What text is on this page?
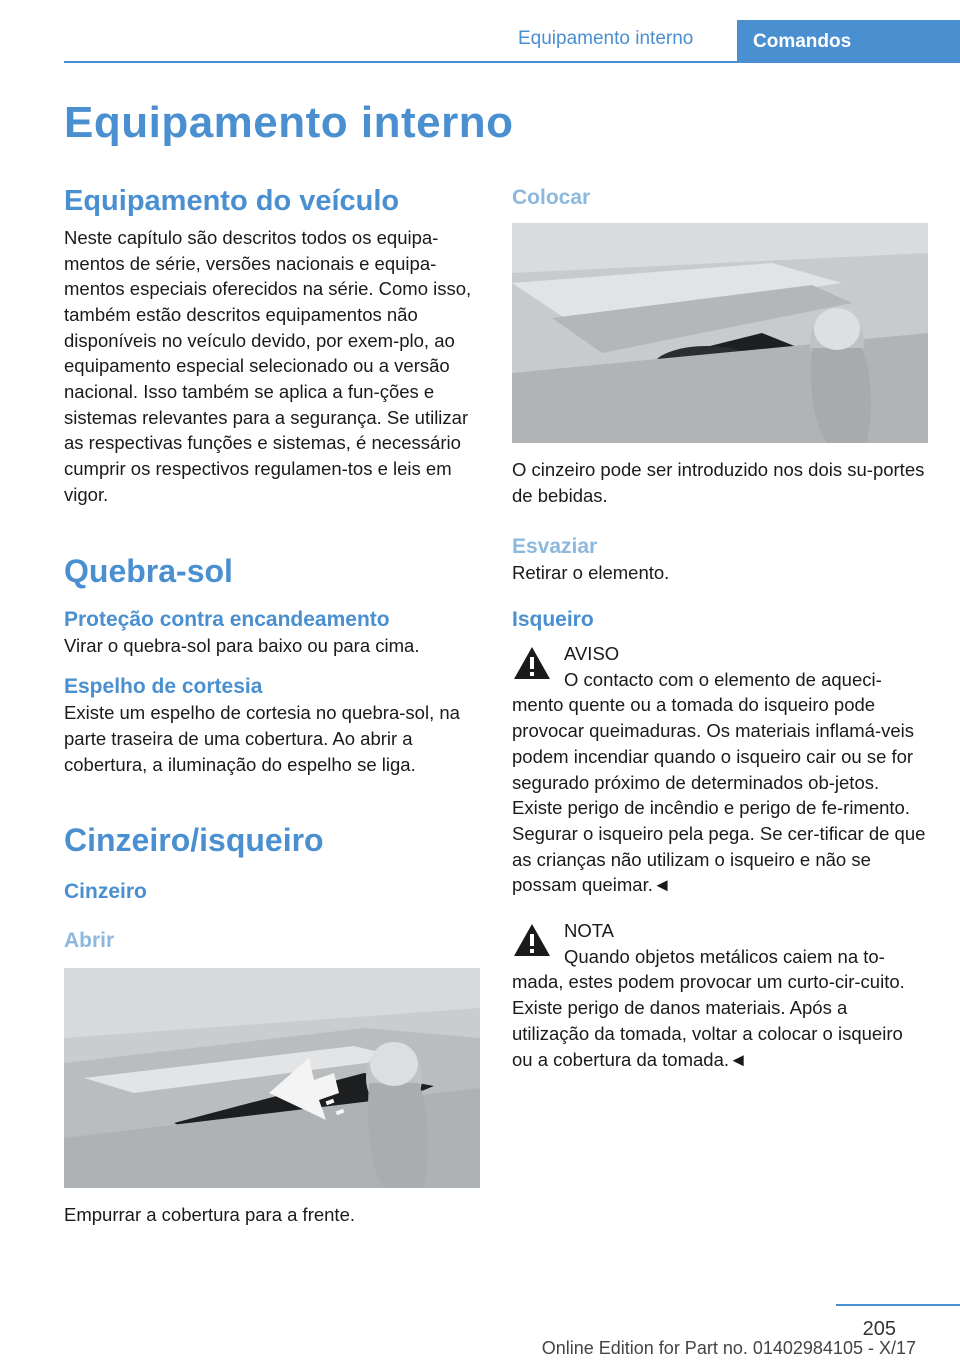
Equipamento interno	Comandos
Equipamento interno
Equipamento do veículo

Neste capítulo são descritos todos os equipa-mentos de série, versões nacionais e equipa-mentos especiais oferecidos na série. Como isso, também estão descritos equipamentos não disponíveis no veículo devido, por exem-plo, ao equipamento especial selecionado ou a versão nacional. Isso também se aplica a fun-ções e sistemas relevantes para a segurança. Se utilizar as respectivas funções e sistemas, é necessário cumprir os respectivos regulamen-tos e leis em vigor.

Quebra-sol
Proteção contra encandeamento

Virar o quebra-sol para baixo ou para cima.

Espelho de cortesia

Existe um espelho de cortesia no quebra-sol, na parte traseira de uma cobertura. Ao abrir a cobertura, a iluminação do espelho se liga.

Cinzeiro/isqueiro
Cinzeiro
Abrir

Empurrar a cobertura para a frente.

Colocar

O cinzeiro pode ser introduzido nos dois su-portes de bebidas.

Esvaziar

Retirar o elemento.

Isqueiro
AVISO
O contacto com o elemento de aqueci-

mento quente ou a tomada do isqueiro pode provocar queimaduras. Os materiais inflamá-veis podem incendiar quando o isqueiro cair ou se for segurado próximo de determinados ob-jetos. Existe perigo de incêndio e perigo de fe-rimento. Segurar o isqueiro pela pega. Se cer-tificar de que as crianças não utilizam o isqueiro e não se possam queimar.◄

NOTA
Quando objetos metálicos caiem na to-

mada, estes podem provocar um curto-cir-cuito. Existe perigo de danos materiais. Após a utilização da tomada, voltar a colocar o isqueiro ou a cobertura da tomada.◄

205
Online Edition for Part no. 01402984105 - X/17
